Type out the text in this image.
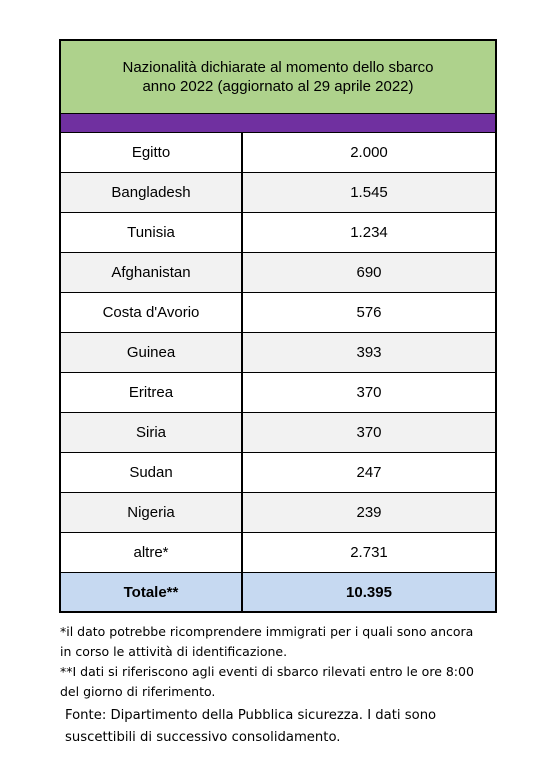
Nazionalità dichiarate al momento dello sbarco
anno 2022 (aggiornato al 29 aprile 2022)
Egitto	2.000
Bangladesh	1.545
Tunisia	1.234
Afghanistan	690
Costa d'Avorio	576
Guinea	393
Eritrea	370
Siria	370
Sudan	247
Nigeria	239
altre*	2.731
Totale**	10.395

*il dato potrebbe ricomprendere immigrati per i quali sono ancora

in corso le attività di identificazione.

**I dati si riferiscono agli eventi di sbarco rilevati entro le ore 8:00

del giorno di riferimento.

Fonte: Dipartimento della Pubblica sicurezza. I dati sono
suscettibili di successivo consolidamento.
